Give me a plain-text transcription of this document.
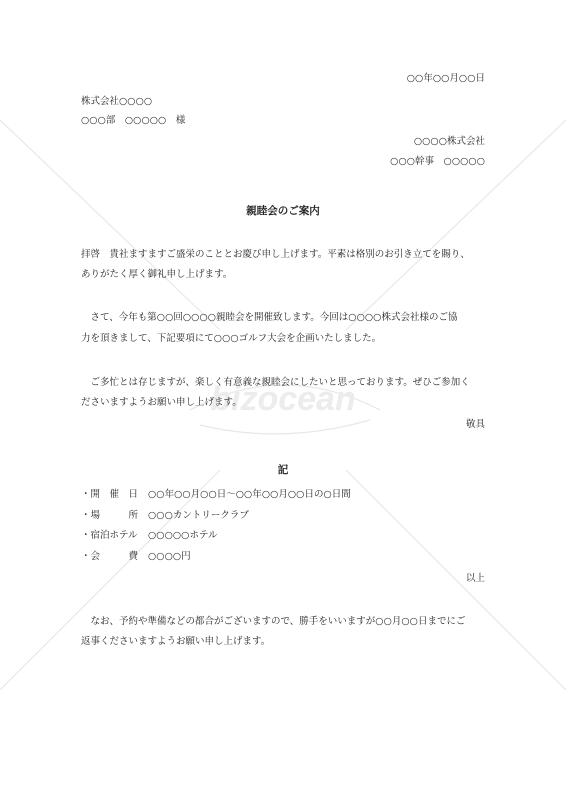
bizocean
○○年○○月○○日
株式会社○○○○
○○○部　○○○○○　様
○○○○株式会社
○○○幹事　○○○○○
親睦会のご案内
拝啓　貴社ますますご盛栄のこととお慶び申し上げます。平素は格別のお引き立てを賜り、
ありがたく厚く御礼申し上げます。
　さて、今年も第○○回○○○○親睦会を開催致します。今回は○○○○株式会社様のご協
力を頂きまして、下記要項にて○○○ゴルフ大会を企画いたしました。
　ご多忙とは存じますが、楽しく有意義な親睦会にしたいと思っております。ぜひご参加く
ださいますようお願い申し上げます。
敬具
記
・開　催　日 ○○年○○月○○日～○○年○○月○○日の○日間
・場　　　所 ○○○カントリークラブ
・宿泊ホテル ○○○○○ホテル
・会　　　費 ○○○○円
以上
　なお、予約や準備などの都合がございますので、勝手をいいますが○○月○○日までにご
返事くださいますようお願い申し上げます。
